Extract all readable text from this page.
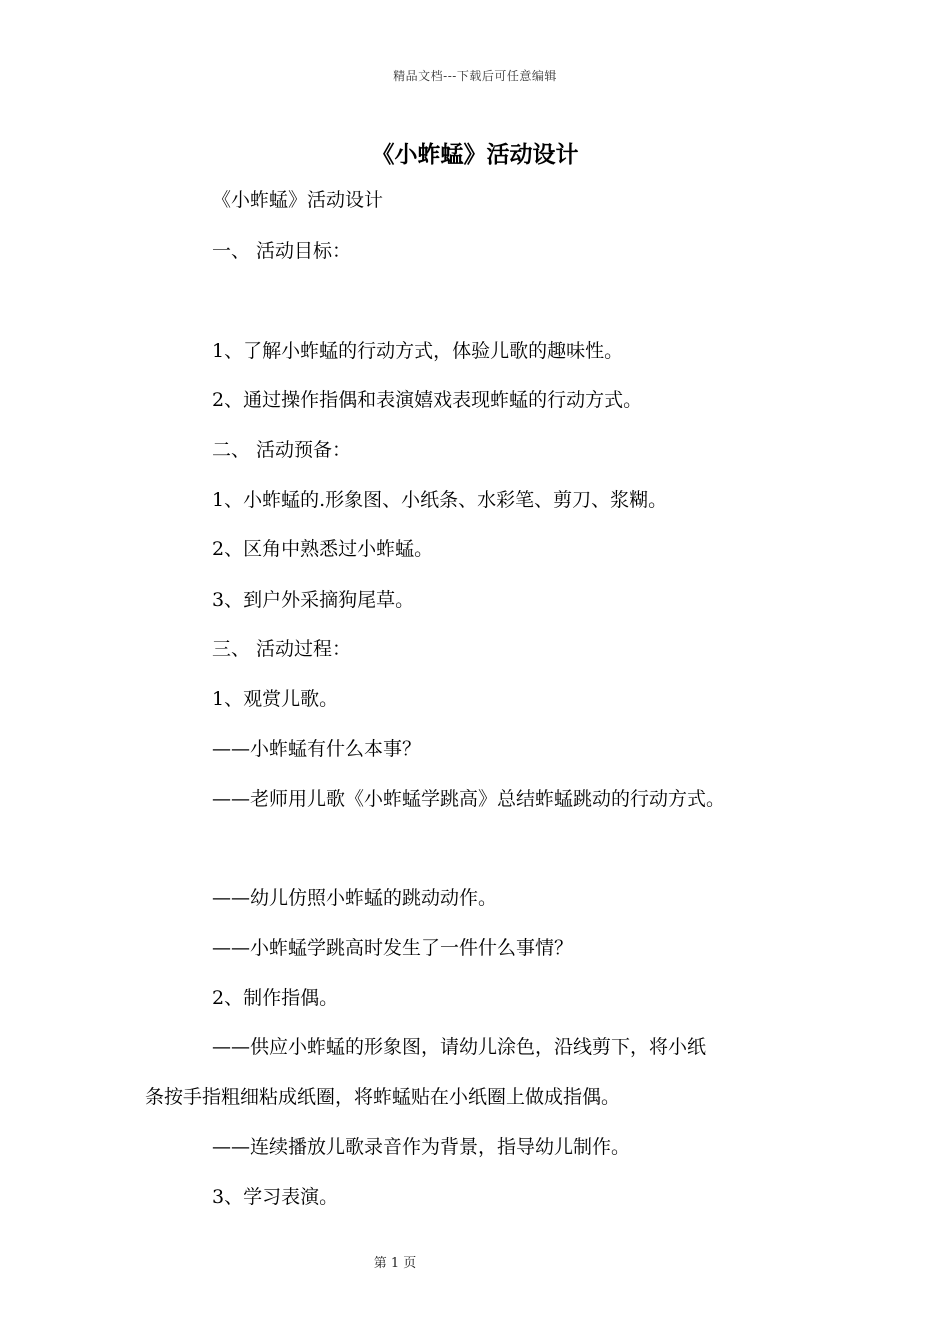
精品文档---下载后可任意编辑
《小蚱蜢》活动设计
《小蚱蜢》活动设计
一、 活动目标：
1、了解小蚱蜢的行动方式，体验儿歌的趣味性。
2、通过操作指偶和表演嬉戏表现蚱蜢的行动方式。
二、 活动预备：
1、小蚱蜢的.形象图、小纸条、水彩笔、剪刀、浆糊。
2、区角中熟悉过小蚱蜢。
3、到户外采摘狗尾草。
三、 活动过程：
1、观赏儿歌。
——小蚱蜢有什么本事？
——老师用儿歌《小蚱蜢学跳高》总结蚱蜢跳动的行动方式。
——幼儿仿照小蚱蜢的跳动动作。
——小蚱蜢学跳高时发生了一件什么事情？
2、制作指偶。
——供应小蚱蜢的形象图，请幼儿涂色，沿线剪下，将小纸
条按手指粗细粘成纸圈，将蚱蜢贴在小纸圈上做成指偶。
——连续播放儿歌录音作为背景，指导幼儿制作。
3、学习表演。
第 1 页
